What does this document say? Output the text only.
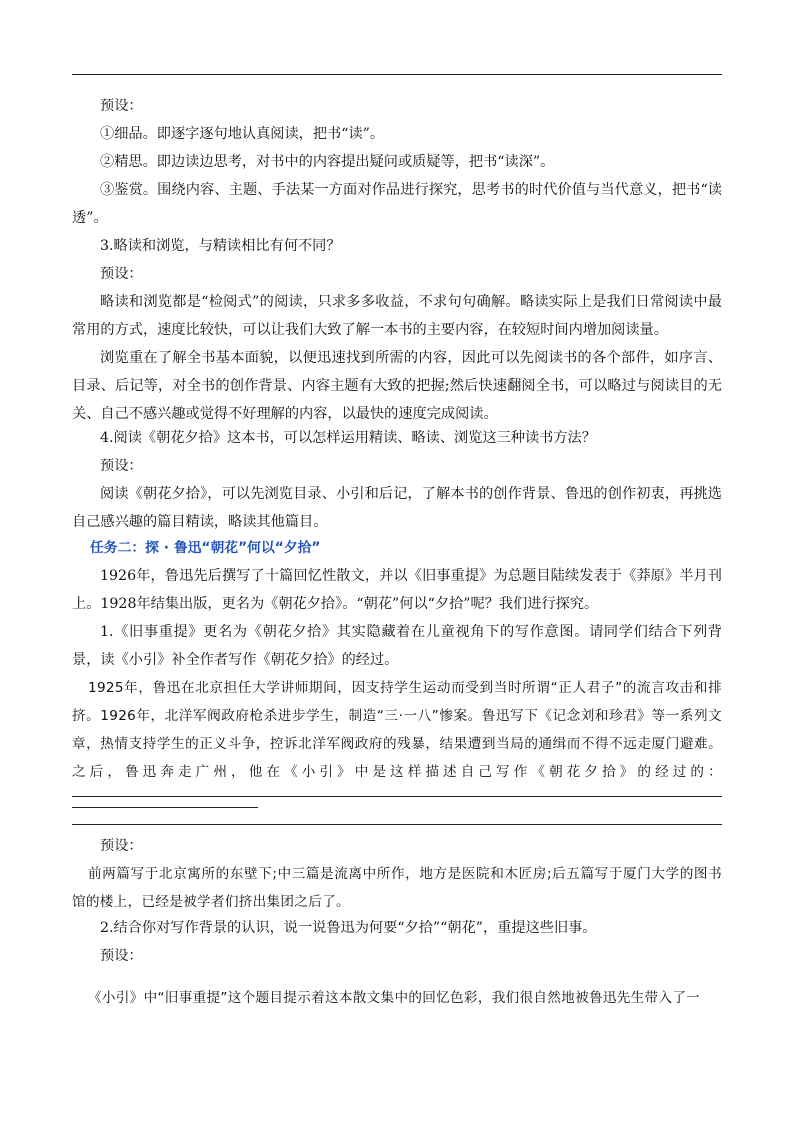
预设：

①细品。即逐字逐句地认真阅读，把书“读”。

②精思。即边读边思考，对书中的内容提出疑问或质疑等，把书“读深”。

③鉴赏。围绕内容、主题、手法某一方面对作品进行探究，思考书的时代价值与当代意义，把书“读透”。

3.略读和浏览，与精读相比有何不同？

预设：

略读和浏览都是“检阅式”的阅读，只求多多收益，不求句句确解。略读实际上是我们日常阅读中最常用的方式，速度比较快，可以让我们大致了解一本书的主要内容，在较短时间内增加阅读量。

浏览重在了解全书基本面貌，以便迅速找到所需的内容，因此可以先阅读书的各个部件，如序言、目录、后记等，对全书的创作背景、内容主题有大致的把握;然后快速翻阅全书，可以略过与阅读目的无关、自己不感兴趣或觉得不好理解的内容，以最快的速度完成阅读。

4.阅读《朝花夕拾》这本书，可以怎样运用精读、略读、浏览这三种读书方法？

预设：

阅读《朝花夕拾》，可以先浏览目录、小引和后记，了解本书的创作背景、鲁迅的创作初衷，再挑选自己感兴趣的篇目精读，略读其他篇目。

任务二：探 · 鲁迅“朝花”何以“夕拾”

1926年，鲁迅先后撰写了十篇回忆性散文，并以《旧事重提》为总题目陆续发表于《莽原》半月刊上。1928年结集出版，更名为《朝花夕拾》。“朝花”何以“夕拾”呢？我们进行探究。

1.《旧事重提》更名为《朝花夕拾》其实隐藏着在儿童视角下的写作意图。请同学们结合下列背景，读《小引》补全作者写作《朝花夕拾》的经过。

1925年，鲁迅在北京担任大学讲师期间，因支持学生运动而受到当时所谓“正人君子”的流言攻击和排挤。1926年，北洋军阀政府枪杀进步学生，制造“三·一八”惨案。鲁迅写下《记念刘和珍君》等一系列文章，热情支持学生的正义斗争，控诉北洋军阀政府的残暴，结果遭到当局的通缉而不得不远走厦门避难。之后，鲁迅奔走广州，他在《小引》中是这样描述自己写作《朝花夕拾》的经过的：

预设：

前两篇写于北京寓所的东壁下;中三篇是流离中所作，地方是医院和木匠房;后五篇写于厦门大学的图书馆的楼上，已经是被学者们挤出集团之后了。

2.结合你对写作背景的认识，说一说鲁迅为何要“夕拾”“朝花”，重提这些旧事。

预设：

《小引》中“旧事重提”这个题目提示着这本散文集中的回忆色彩，我们很自然地被鲁迅先生带入了一
